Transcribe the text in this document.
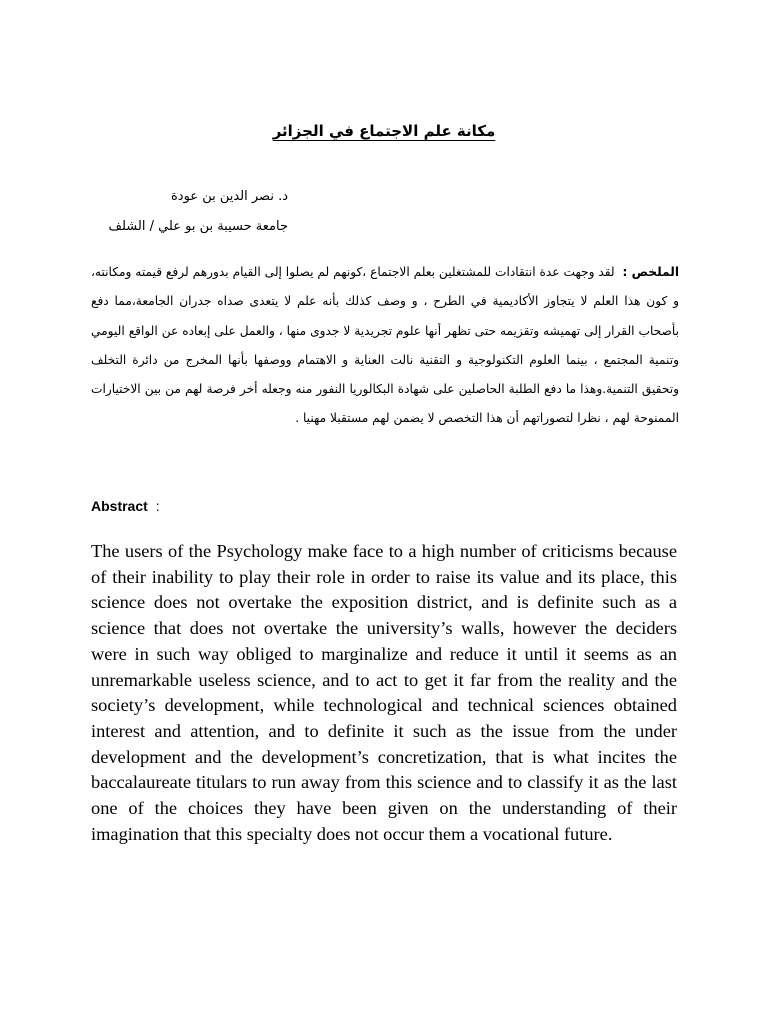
مكانة علم الاجتماع في الجزائر
د. نصر الدين بن عودة
جامعة حسيبة بن بو علي / الشلف
الملخص : لقد وجهت عدة انتقادات للمشتغلين بعلم الاجتماع ،كونهم لم يصلوا إلى القيام بدورهم لرفع قيمته ومكانته، و كون هذا العلم لا يتجاوز الأكاديمية في الطرح ، و وصف كذلك بأنه علم لا يتعدى صداه جدران الجامعة،مما دفع بأصحاب القرار إلى تهميشه وتقزيمه حتى تظهر أنها علوم تجريدية لا جدوى منها ، والعمل على إبعاده عن الواقع اليومي وتنمية المجتمع ، بينما العلوم التكنولوجية و التقنية نالت العناية و الاهتمام ووصفها بأنها المخرج من دائرة التخلف وتحقيق التنمية.وهذا ما دفع الطلبة الحاصلين على شهادة البكالوريا النفور منه وجعله أخر فرصة لهم من بين الاختيارات الممنوحة لهم ، نظرا لتصوراتهم أن هذا التخصص لا يضمن لهم مستقبلا مهنيا .
Abstract :
The users of the Psychology make face to a high number of criticisms because of their inability to play their role in order to raise its value and its place, this science does not overtake the exposition district, and is definite such as a science that does not overtake the university’s walls, however the deciders were in such way obliged to marginalize and reduce it until it seems as an unremarkable useless science, and to act to get it far from the reality and the society’s development, while technological and technical sciences obtained interest and attention, and to definite it such as the issue from the under development and the development’s concretization, that is what incites the baccalaureate titulars to run away from this science and to classify it as the last one of the choices they have been given on the understanding of their imagination that this specialty does not occur them a vocational future.
